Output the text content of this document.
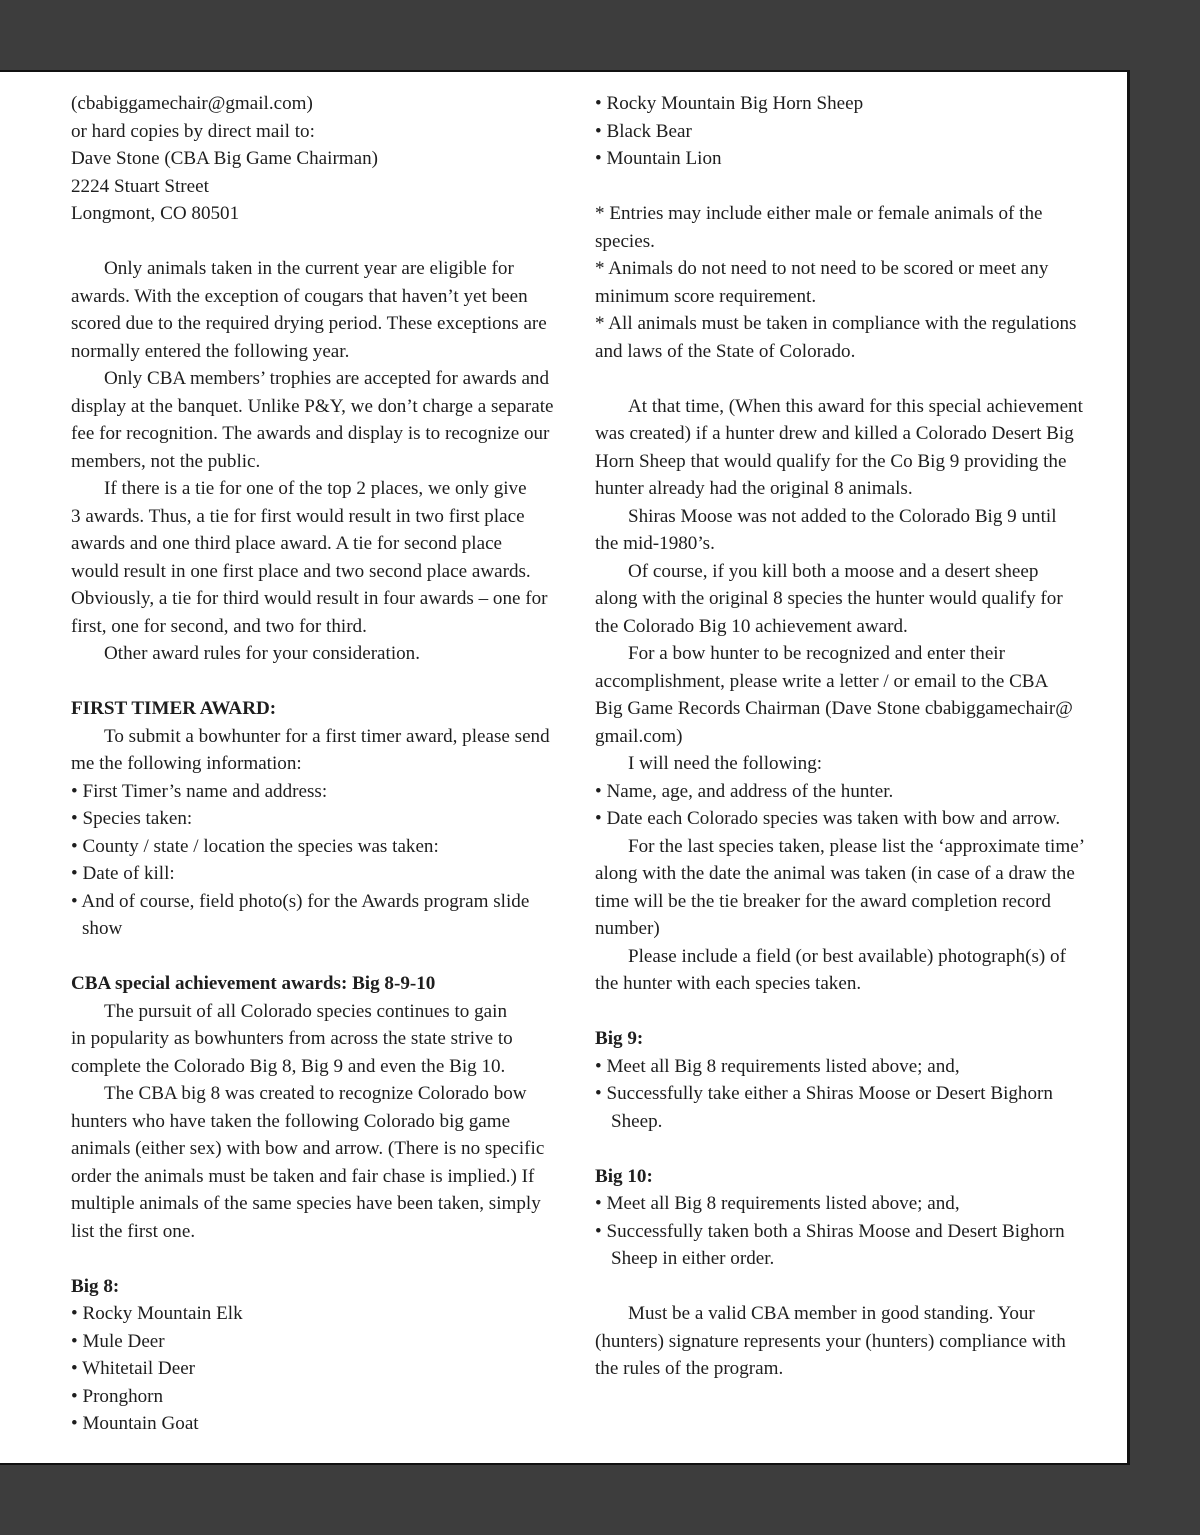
(cbabiggamechair@gmail.com)
or hard copies by direct mail to:
Dave Stone (CBA Big Game Chairman)
2224 Stuart Street
Longmont, CO 80501
Only animals taken in the current year are eligible for
awards. With the exception of cougars that haven’t yet been
scored due to the required drying period. These exceptions are
normally entered the following year.
Only CBA members’ trophies are accepted for awards and
display at the banquet. Unlike P&Y, we don’t charge a separate
fee for recognition. The awards and display is to recognize our
members, not the public.
If there is a tie for one of the top 2 places, we only give
3 awards. Thus, a tie for first would result in two first place
awards and one third place award. A tie for second place
would result in one first place and two second place awards.
Obviously, a tie for third would result in four awards – one for
first, one for second, and two for third.
Other award rules for your consideration.
FIRST TIMER AWARD:
To submit a bowhunter for a first timer award, please send
me the following information:
• First Timer’s name and address:
• Species taken:
• County / state / location the species was taken:
• Date of kill:
• And of course, field photo(s) for the Awards program slide
show
CBA special achievement awards: Big 8-9-10
The pursuit of all Colorado species continues to gain
in popularity as bowhunters from across the state strive to
complete the Colorado Big 8, Big 9 and even the Big 10.
The CBA big 8 was created to recognize Colorado bow
hunters who have taken the following Colorado big game
animals (either sex) with bow and arrow. (There is no specific
order the animals must be taken and fair chase is implied.) If
multiple animals of the same species have been taken, simply
list the first one.
Big 8:
• Rocky Mountain Elk
• Mule Deer
• Whitetail Deer
• Pronghorn
• Mountain Goat
• Rocky Mountain Big Horn Sheep
• Black Bear
• Mountain Lion
* Entries may include either male or female animals of the
species.
* Animals do not need to not need to be scored or meet any
minimum score requirement.
* All animals must be taken in compliance with the regulations
and laws of the State of Colorado.
At that time, (When this award for this special achievement
was created) if a hunter drew and killed a Colorado Desert Big
Horn Sheep that would qualify for the Co Big 9 providing the
hunter already had the original 8 animals.
Shiras Moose was not added to the Colorado Big 9 until
the mid-1980’s.
Of course, if you kill both a moose and a desert sheep
along with the original 8 species the hunter would qualify for
the Colorado Big 10 achievement award.
For a bow hunter to be recognized and enter their
accomplishment, please write a letter / or email to the CBA
Big Game Records Chairman (Dave Stone cbabiggamechair@
gmail.com)
I will need the following:
• Name, age, and address of the hunter.
• Date each Colorado species was taken with bow and arrow.
For the last species taken, please list the ‘approximate time’
along with the date the animal was taken (in case of a draw the
time will be the tie breaker for the award completion record
number)
Please include a field (or best available) photograph(s) of
the hunter with each species taken.
Big 9:
• Meet all Big 8 requirements listed above; and,
• Successfully take either a Shiras Moose or Desert Bighorn
Sheep.
Big 10:
• Meet all Big 8 requirements listed above; and,
• Successfully taken both a Shiras Moose and Desert Bighorn
Sheep in either order.
Must be a valid CBA member in good standing. Your
(hunters) signature represents your (hunters) compliance with
the rules of the program.
